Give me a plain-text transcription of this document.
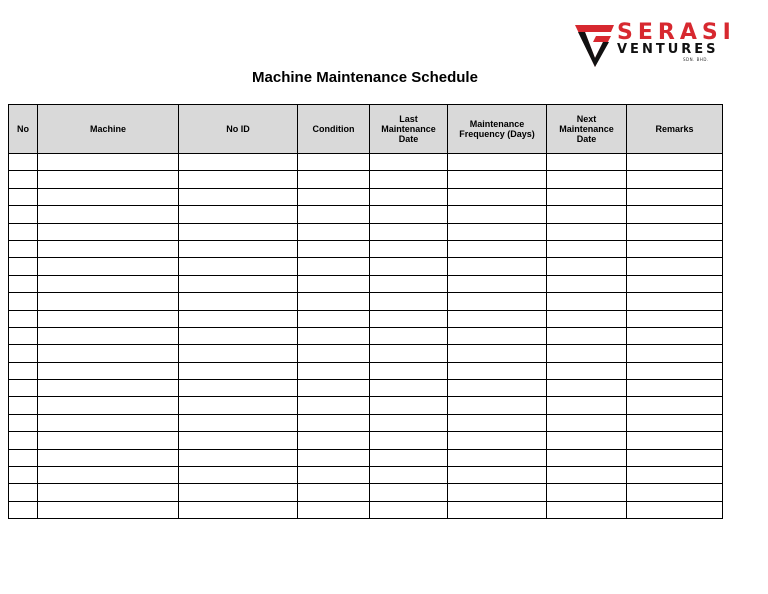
SERASI
VENTURES
SDN. BHD.
Machine Maintenance Schedule
No	Machine	No ID	Condition	Last Maintenance Date	Maintenance Frequency (Days)	Next Maintenance Date	Remarks
